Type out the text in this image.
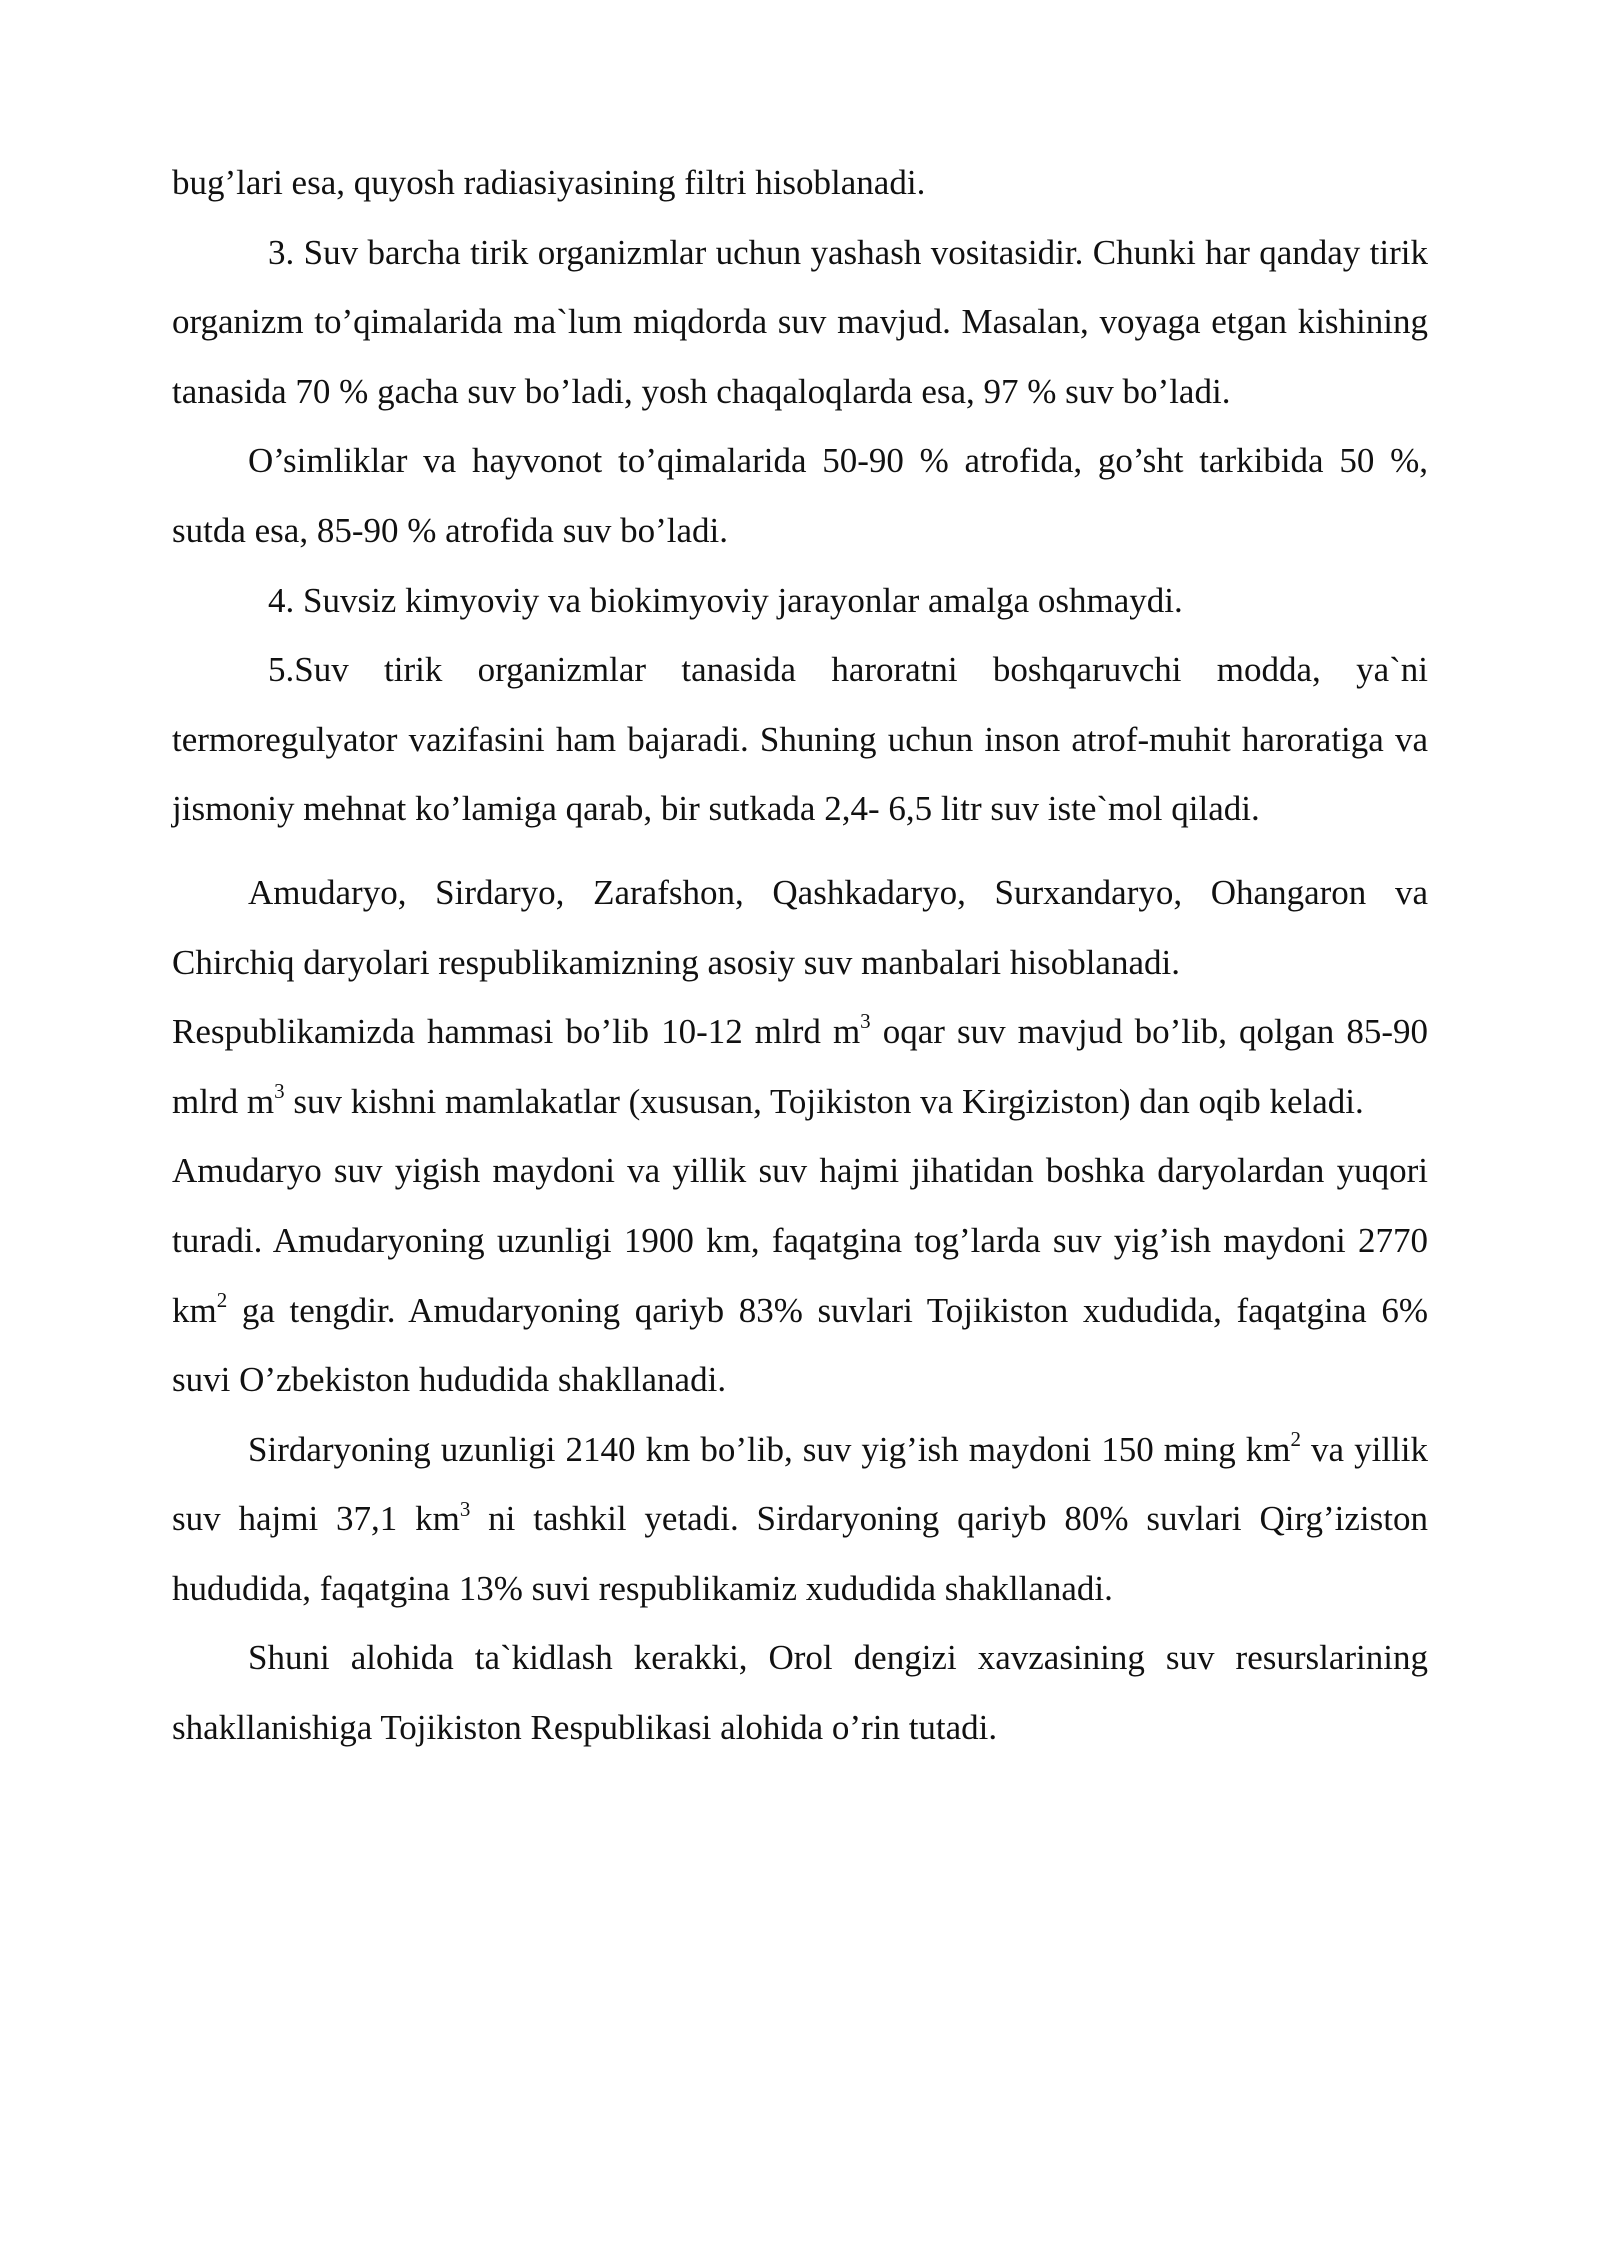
bug’lari esa, quyosh radiasiyasining filtri hisoblanadi.

3. Suv barcha tirik organizmlar uchun yashash vositasidir. Chunki har qanday tirik organizm to’qimalarida ma`lum miqdorda suv mavjud. Masalan, voyaga etgan kishining tanasida 70 % gacha suv bo’ladi, yosh chaqaloqlarda esa, 97 % suv bo’ladi.

O’simliklar va hayvonot to’qimalarida 50-90 % atrofida, go’sht tarkibida 50 %, sutda esa, 85-90 % atrofida suv bo’ladi.

4. Suvsiz kimyoviy va biokimyoviy jarayonlar amalga oshmaydi.

5.Suv tirik organizmlar tanasida haroratni boshqaruvchi modda, ya`ni termoregulyator vazifasini ham bajaradi. Shuning uchun inson atrof-muhit haroratiga va jismoniy mehnat ko’lamiga qarab, bir sutkada 2,4- 6,5 litr suv iste`mol qiladi.

Amudaryo, Sirdaryo, Zarafshon, Qashkadaryo, Surxandaryo, Ohangaron va Chirchiq daryolari respublikamizning asosiy suv manbalari hisoblanadi.

Respublikamizda hammasi bo’lib 10-12 mlrd $m^3$ oqar suv mavjud bo’lib, qolgan 85-90 mlrd $m^3$ suv kishni mamlakatlar (xususan, Tojikiston va Kirgiziston) dan oqib keladi.

Amudaryo suv yigish maydoni va yillik suv hajmi jihatidan boshka daryolardan yuqori turadi. Amudaryoning uzunligi 1900 km, faqatgina tog’larda suv yig’ish maydoni 2770 $km^2$ ga tengdir. Amudaryoning qariyb 83% suvlari Tojikiston xududida, faqatgina 6% suvi O’zbekiston hududida shakllanadi.

Sirdaryoning uzunligi 2140 km bo’lib, suv yig’ish maydoni 150 ming $km^2$ va yillik suv hajmi 37,1 $km^3$ ni tashkil yetadi. Sirdaryoning qariyb 80% suvlari Qirg’iziston hududida, faqatgina 13% suvi respublikamiz xududida shakllanadi.

Shuni alohida ta`kidlash kerakki, Orol dengizi xavzasining suv resurslarining shakllanishiga Tojikiston Respublikasi alohida o’rin tutadi.
